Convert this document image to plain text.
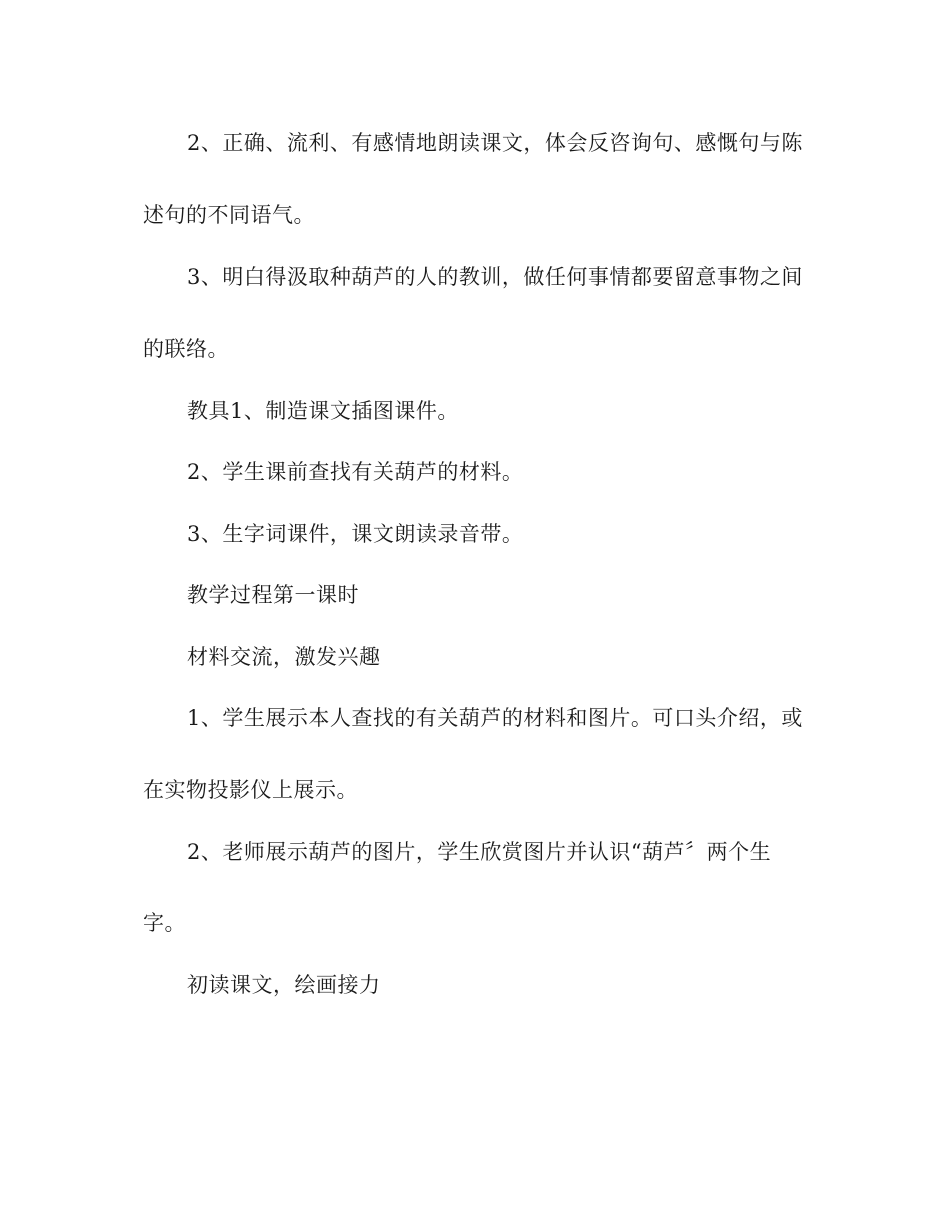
2、正确、流利、有感情地朗读课文，体会反咨询句、感慨句与陈

述句的不同语气。

3、明白得汲取种葫芦的人的教训，做任何事情都要留意事物之间

的联络。

教具1、制造课文插图课件。

2、学生课前查找有关葫芦的材料。

3、生字词课件，课文朗读录音带。

教学过程第一课时

材料交流，激发兴趣

1、学生展示本人查找的有关葫芦的材料和图片。可口头介绍，或

在实物投影仪上展示。

2、老师展示葫芦的图片，学生欣赏图片并认识“葫芦〞两个生

字。

初读课文，绘画接力
